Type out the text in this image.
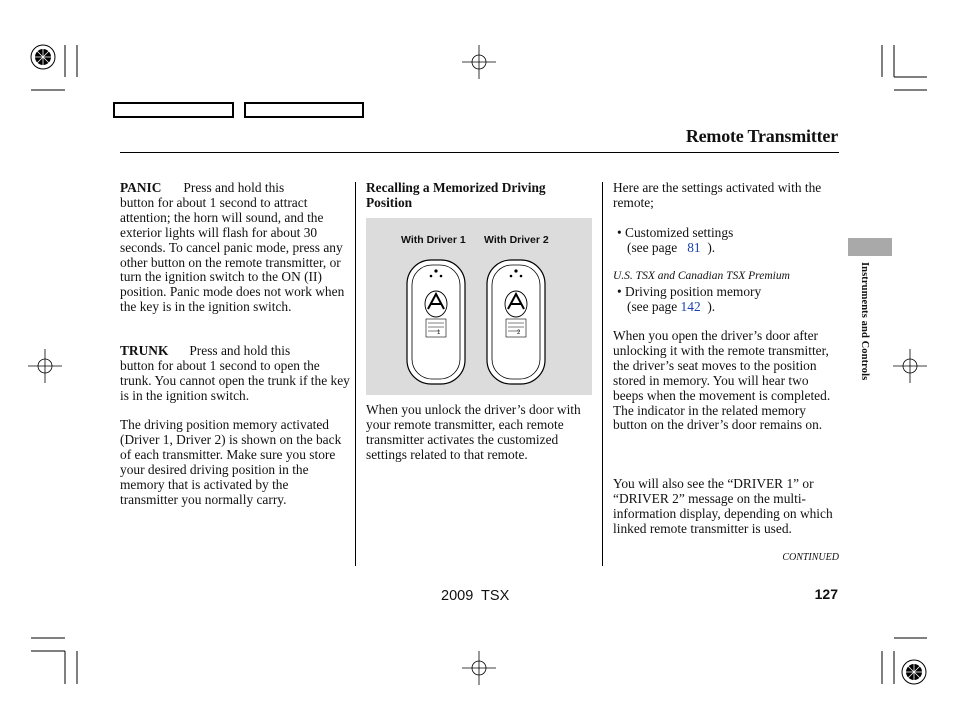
Remote Transmitter
Instruments and Controls

PANIC Press and hold this

button for about 1 second to attract attention; the horn will sound, and the exterior lights will flash for about 30 seconds. To cancel panic mode, press any other button on the remote transmitter, or turn the ignition switch to the ON (II) position. Panic mode does not work when the key is in the ignition switch.

TRUNK Press and hold this

button for about 1 second to open the trunk. You cannot open the trunk if the key is in the ignition switch.

The driving position memory activated (Driver 1, Driver 2) is shown on the back of each transmitter. Make sure you store your desired driving position in the memory that is activated by the transmitter you normally carry.
Recalling a Memorized Driving Position
With Driver 1 With Driver 2
1	2
When you unlock the driver’s door with your remote transmitter, each remote transmitter activates the customized settings related to that remote.
Here are the settings activated with the remote;

• Customized settings

(see page 81 ).

U.S. TSX and Canadian TSX Premium

• Driving position memory

(see page 142 ).

When you open the driver’s door after unlocking it with the remote transmitter, the driver’s seat moves to the position stored in memory. You will hear two beeps when the movement is completed. The indicator in the related memory button on the driver’s door remains on.
You will also see the “DRIVER 1” or “DRIVER 2” message on the multi-information display, depending on which linked remote transmitter is used.
CONTINUED
2009  TSX	127
